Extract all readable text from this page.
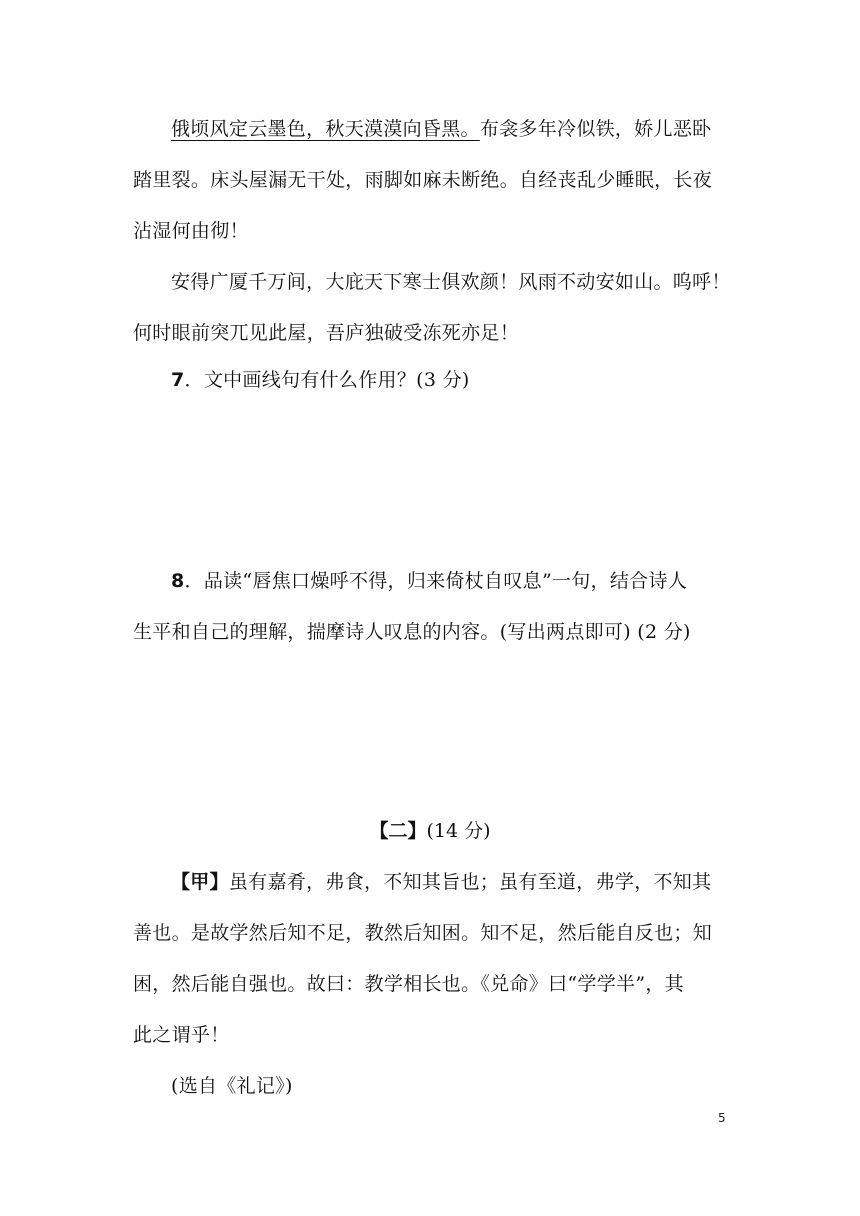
俄顷风定云墨色，秋天漠漠向昏黑。布衾多年冷似铁，娇儿恶卧
踏里裂。床头屋漏无干处，雨脚如麻未断绝。自经丧乱少睡眠，长夜
沾湿何由彻！
安得广厦千万间，大庇天下寒士俱欢颜！风雨不动安如山。呜呼！
何时眼前突兀见此屋，吾庐独破受冻死亦足！
7．文中画线句有什么作用？(3 分)
8．品读“唇焦口燥呼不得，归来倚杖自叹息”一句，结合诗人
生平和自己的理解，揣摩诗人叹息的内容。(写出两点即可) (2 分)
【二】(14 分)
【甲】虽有嘉肴，弗食，不知其旨也；虽有至道，弗学，不知其
善也。是故学然后知不足，教然后知困。知不足，然后能自反也；知
困，然后能自强也。故曰：教学相长也。《兑命》曰“学学半”，其
此之谓乎！
(选自《礼记》)
5
